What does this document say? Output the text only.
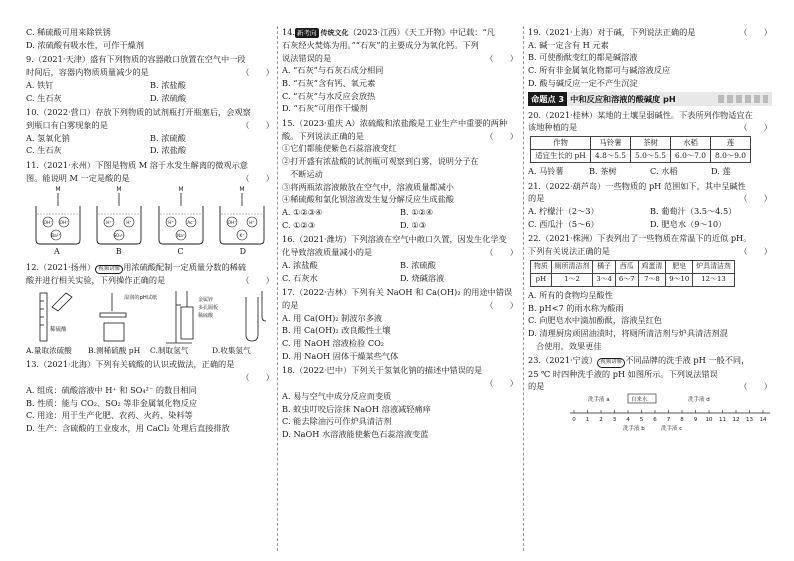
C. 稀硫酸可用来除铁锈
D. 浓硫酸有吸水性，可作干燥剂
9.（2021·天津）盛有下列物质的容器敞口放置在空气中一段
时间后，容器内物质质量减少的是	（　　）
A. 铁钉	B. 浓盐酸
C. 生石灰	D. 浓硫酸
10.（2022·营口）存放下列物质的试剂瓶打开瓶塞后，会观察
到瓶口有白雾现象的是	（　　）
A. 氢氧化钠	B. 浓硫酸
C. 生石灰	D. 浓盐酸
11.（2021·永州）下图是物质 M 溶于水发生解离的微观示意
图。能说明 M 一定是酸的是	（　　）
M
OH⁻ OH⁻
Ba²⁺
M
H⁺	H⁺
SO₄²⁻
M
H⁺	Ac⁻
Na⁺
M
OH⁻	H⁺
K⁺
A	B	C	D
12.（2021·扬州） 视频讲解 用浓硫酸配制一定质量分数的稀硫
酸并进行相关实验，下列操作正确的是	（　　）
稀硫酸
湿润的pH试纸	金属锌
多孔隔板
稀硫酸
A.量取浓硫酸	B.测稀硫酸 pH	C.制取氢气	D.收集氢气
13.（2021·北海）下列有关硫酸的认识或做法，正确的是
（　　）

A. 组成：硫酸溶液中 H⁺ 和 SO₄²⁻ 的数目相同
B. 性质：能与 CO₂、SO₂ 等非金属氧化物反应
C. 用途：用于生产化肥、农药、火药、染料等
D. 生产：含硫酸的工业废水，用 CaCl₂ 处理后直接排放
14. 新考向 传统文化（2023·江西）《天工开物》中记载：“凡
石灰经火焚炼为用。”“石灰”的主要成分为氧化钙。下列
说法错误的是	（　　）
A. “石灰”与石灰石成分相同
B. “石灰”含有钙、氧元素
C. “石灰”与水反应会放热
D. “石灰”可用作干燥剂
15.（2023·重庆 A）浓硫酸和浓盐酸是工业生产中重要的两种
酸。下列说法正确的是	（　　）
①它们都能使紫色石蕊溶液变红
②打开盛有浓盐酸的试剂瓶可观察到白雾，说明分子在
不断运动
③将两瓶浓溶液敞放在空气中，溶液质量都减小
④稀硫酸和氯化钡溶液发生复分解反应生成盐酸
A. ①②③④	B. ①②④
C. ①②③	D. ①③
16.（2021·潍坊）下列溶液在空气中敞口久置，因发生化学变
化导致溶液质量减小的是	（　　）
A. 浓盐酸	B. 浓硫酸
C. 石灰水	D. 烧碱溶液
17.（2022·吉林）下列有关 NaOH 和 Ca(OH)₂ 的用途中错误
的是	（　　）
A. 用 Ca(OH)₂ 制波尔多液
B. 用 Ca(OH)₂ 改良酸性土壤
C. 用 NaOH 溶液检验 CO₂
D. 用 NaOH 固体干燥某些气体
18.（2022·巴中）下列关于氢氧化钠的描述中错误的是
（　　）

A. 易与空气中成分反应而变质
B. 蚊虫叮咬后涂抹 NaOH 溶液减轻痛痒
C. 能去除油污可作炉具清洁剂
D. NaOH 水溶液能使紫色石蕊溶液变蓝
19.（2021·上海）对于碱，下列说法正确的是	（　　）
A. 碱一定含有 H 元素
B. 可使酚酞变红的都是碱溶液
C. 所有非金属氧化物都可与碱溶液反应
D. 酸与碱反应一定不产生沉淀
命题点 3 中和反应和溶液的酸碱度 pH
20.（2021·桂林）某地的土壤呈弱碱性。下表所列作物适宜在
该地种植的是	（　　）
作物	马铃薯	茶树	水稻	莲
适宜生长的 pH	4.8～5.5	5.0～5.5	6.0～7.0	8.0～9.0
A. 马铃薯	B. 茶树	C. 水稻	D. 莲
21.（2022·葫芦岛）一些物质的 pH 范围如下，其中呈碱性
的是	（　　）
A. 柠檬汁（2～3）	B. 葡萄汁（3.5～4.5）
C. 西瓜汁（5～6）	D. 肥皂水（9～10）
22.（2021·株洲）下表列出了一些物质在常温下的近似 pH。
下列有关说法正确的是	（　　）
物质	厕所清洁剂	橘子	西瓜	鸡蛋清	肥皂	炉具清洁剂
pH	1～2	3～4	6～7	7～8	9～10	12～13
A. 所有的食物均呈酸性
B. pH<7 的雨水称为酸雨
C. 向肥皂水中滴加酚酞，溶液呈红色
D. 清理厨房顽固油渍时，将厕所清洁剂与炉具清洁剂混
合使用，效果更佳
23.（2021·宁波） 视频讲解 不同品牌的洗手液 pH 一般不同，
25 ℃ 时四种洗手液的 pH 如图所示。下列说法错误
的是	（　　）
洗手液 a	自来水	洗手液 d
0 1 2 3 4 5 6 7 8 9 10 11 12 13 14
洗手液 b	洗手液 c
